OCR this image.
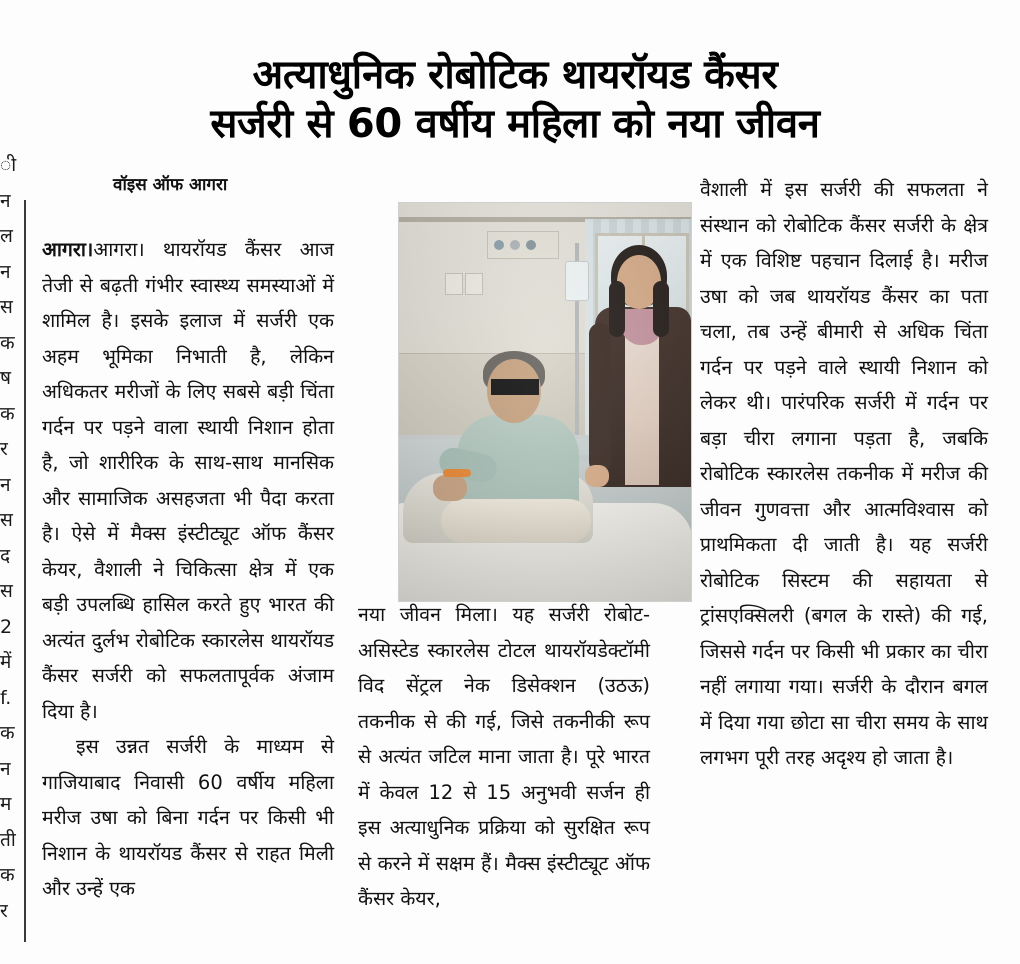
ी
न
ल
न
स
क
ष
क
र
न
स
द
स
2
में
f.
क
न
म
ती
क
र
अत्याधुनिक रोबोटिक थायरॉयड कैंसर
सर्जरी से 60 वर्षीय महिला को नया जीवन
वॉइस ऑफ आगरा

आगरा।आगरा। थायरॉयड कैंसर आज तेजी से बढ़ती गंभीर स्वास्थ्य समस्याओं में शामिल है। इसके इलाज में सर्जरी एक अहम भूमिका निभाती है, लेकिन अधिकतर मरीजों के लिए सबसे बड़ी चिंता गर्दन पर पड़ने वाला स्थायी निशान होता है, जो शारीरिक के साथ-साथ मानसिक और सामाजिक असहजता भी पैदा करता है। ऐसे में मैक्स इंस्टीट्यूट ऑफ कैंसर केयर, वैशाली ने चिकित्सा क्षेत्र में एक बड़ी उपलब्धि हासिल करते हुए भारत की अत्यंत दुर्लभ रोबोटिक स्कारलेस थायरॉयड कैंसर सर्जरी को सफलतापूर्वक अंजाम दिया है।

इस उन्नत सर्जरी के माध्यम से गाजियाबाद निवासी 60 वर्षीय महिला मरीज उषा को बिना गर्दन पर किसी भी निशान के थायरॉयड कैंसर से राहत मिली और उन्हें एक

नया जीवन मिला। यह सर्जरी रोबोट-असिस्टेड स्कारलेस टोटल थायरॉयडेक्टॉमी विद सेंट्रल नेक डिसेक्शन (उठऊ) तकनीक से की गई, जिसे तकनीकी रूप से अत्यंत जटिल माना जाता है। पूरे भारत में केवल 12 से 15 अनुभवी सर्जन ही इस अत्याधुनिक प्रक्रिया को सुरक्षित रूप से करने में सक्षम हैं। मैक्स इंस्टीट्यूट ऑफ कैंसर केयर,

वैशाली में इस सर्जरी की सफलता ने संस्थान को रोबोटिक कैंसर सर्जरी के क्षेत्र में एक विशिष्ट पहचान दिलाई है। मरीज उषा को जब थायरॉयड कैंसर का पता चला, तब उन्हें बीमारी से अधिक चिंता गर्दन पर पड़ने वाले स्थायी निशान को लेकर थी। पारंपरिक सर्जरी में गर्दन पर बड़ा चीरा लगाना पड़ता है, जबकि रोबोटिक स्कारलेस तकनीक में मरीज की जीवन गुणवत्ता और आत्मविश्वास को प्राथमिकता दी जाती है। यह सर्जरी रोबोटिक सिस्टम की सहायता से ट्रांसएक्सिलरी (बगल के रास्ते) की गई, जिससे गर्दन पर किसी भी प्रकार का चीरा नहीं लगाया गया। सर्जरी के दौरान बगल में दिया गया छोटा सा चीरा समय के साथ लगभग पूरी तरह अदृश्य हो जाता है।
